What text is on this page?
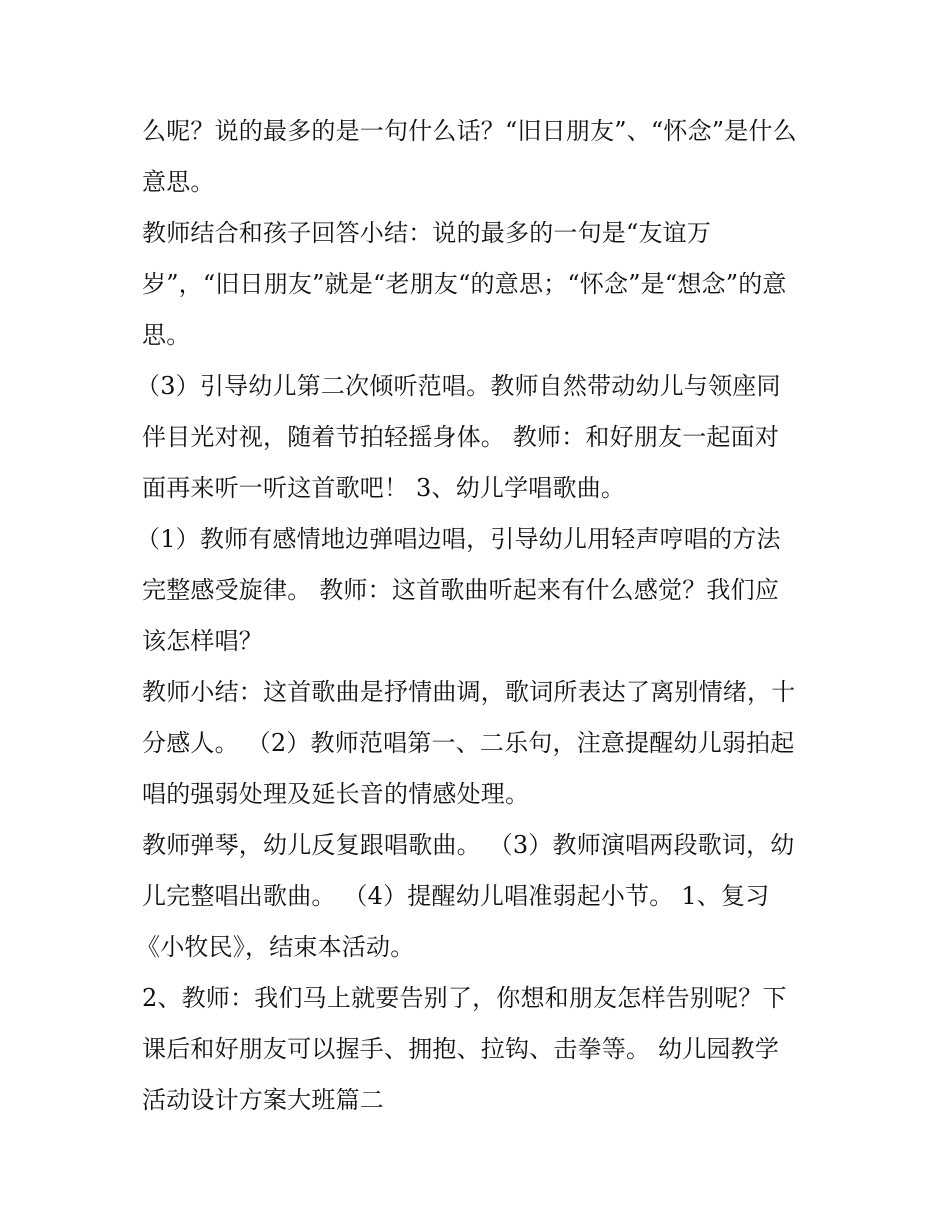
么呢？说的最多的是一句什么话？“旧日朋友”、“怀念”是什么
意思。
教师结合和孩子回答小结：说的最多的一句是“友谊万
岁”，“旧日朋友”就是“老朋友“的意思；“怀念”是“想念”的意
思。
（3）引导幼儿第二次倾听范唱。教师自然带动幼儿与领座同
伴目光对视，随着节拍轻摇身体。 教师：和好朋友一起面对
面再来听一听这首歌吧！ 3、幼儿学唱歌曲。
（1）教师有感情地边弹唱边唱，引导幼儿用轻声哼唱的方法
完整感受旋律。 教师：这首歌曲听起来有什么感觉？我们应
该怎样唱？
教师小结：这首歌曲是抒情曲调，歌词所表达了离别情绪，十
分感人。 （2）教师范唱第一、二乐句，注意提醒幼儿弱拍起
唱的强弱处理及延长音的情感处理。
教师弹琴，幼儿反复跟唱歌曲。 （3）教师演唱两段歌词，幼
儿完整唱出歌曲。 （4）提醒幼儿唱准弱起小节。 1、复习
《小牧民》，结束本活动。
2、教师：我们马上就要告别了，你想和朋友怎样告别呢？下
课后和好朋友可以握手、拥抱、拉钩、击拳等。 幼儿园教学
活动设计方案大班篇二
